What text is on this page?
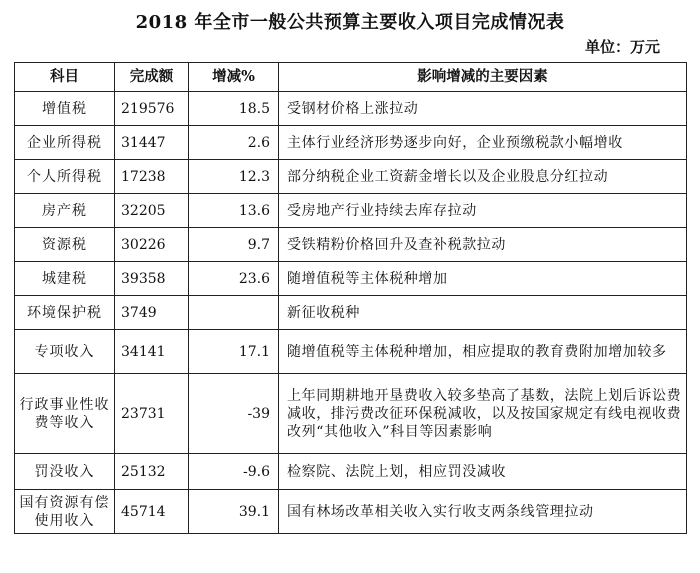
2018 年全市一般公共预算主要收入项目完成情况表
单位：万元
科目	完成额	增减%	影响增减的主要因素
增值税	219576	18.5	受钢材价格上涨拉动
企业所得税	31447	2.6	主体行业经济形势逐步向好，企业预缴税款小幅增收
个人所得税	17238	12.3	部分纳税企业工资薪金增长以及企业股息分红拉动
房产税	32205	13.6	受房地产行业持续去库存拉动
资源税	30226	9.7	受铁精粉价格回升及查补税款拉动
城建税	39358	23.6	随增值税等主体税种增加
环境保护税	3749		新征收税种
专项收入	34141	17.1	随增值税等主体税种增加，相应提取的教育费附加增加较多
行政事业性收费等收入	23731	-39	上年同期耕地开垦费收入较多垫高了基数，法院上划后诉讼费减收，排污费改征环保税减收，以及按国家规定有线电视收费改列“其他收入”科目等因素影响
罚没收入	25132	-9.6	检察院、法院上划，相应罚没减收
国有资源有偿使用收入	45714	39.1	国有林场改革相关收入实行收支两条线管理拉动
